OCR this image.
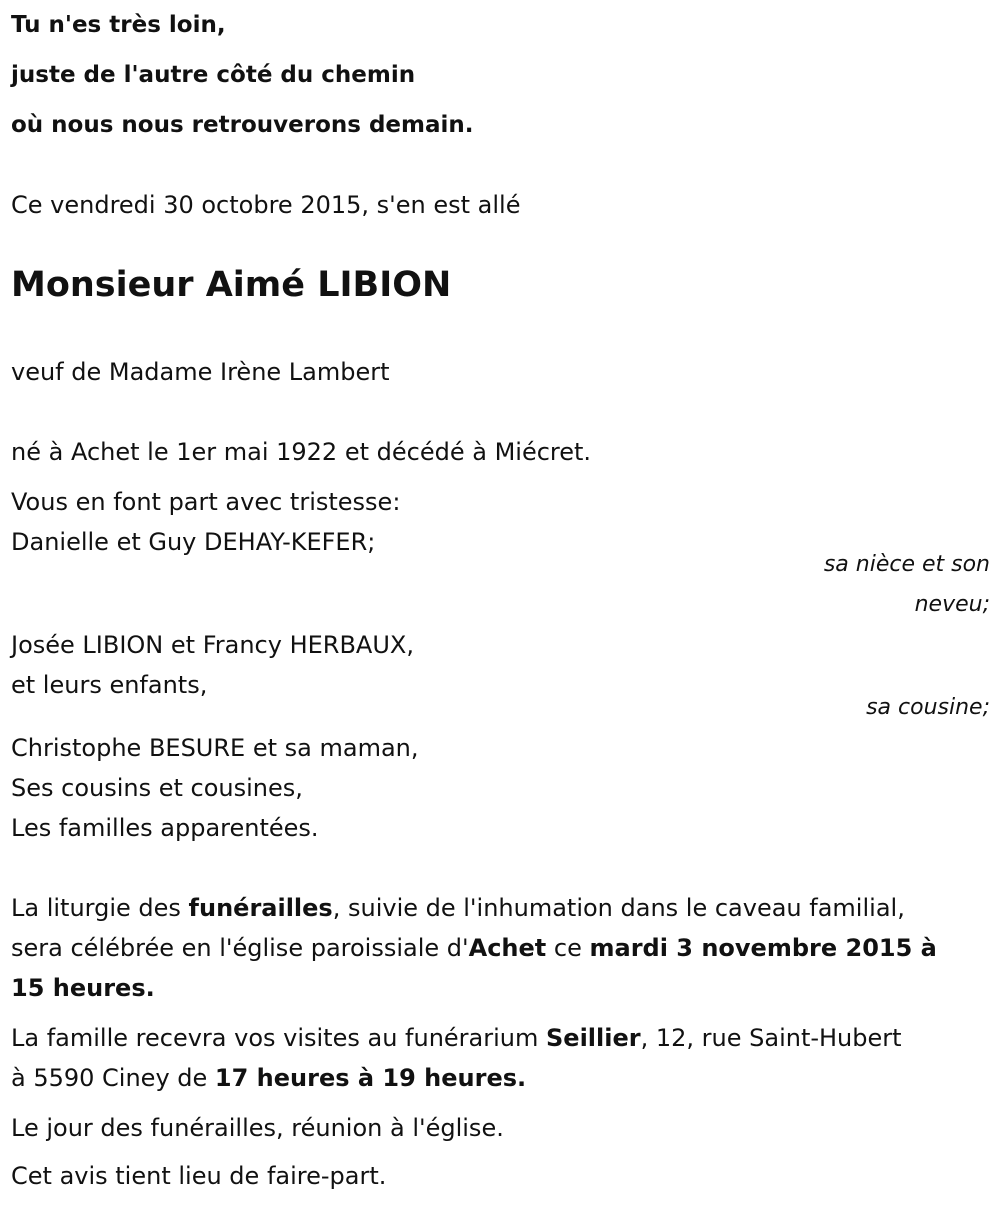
Tu n'es très loin,
juste de l'autre côté du chemin
où nous nous retrouverons demain.
Ce vendredi 30 octobre 2015, s'en est allé
Monsieur Aimé LIBION
veuf de Madame Irène Lambert
né à Achet le 1er mai 1922 et décédé à Miécret.
Vous en font part avec tristesse:
Danielle et Guy DEHAY-KEFER;
sa nièce et son
neveu;
Josée LIBION et Francy HERBAUX,
et leurs enfants,
sa cousine;
Christophe BESURE et sa maman,
Ses cousins et cousines,
Les familles apparentées.
La liturgie des funérailles, suivie de l'inhumation dans le caveau familial,
sera célébrée en l'église paroissiale d'Achet ce mardi 3 novembre 2015 à
15 heures.
La famille recevra vos visites au funérarium Seillier, 12, rue Saint-Hubert
à 5590 Ciney de 17 heures à 19 heures.
Le jour des funérailles, réunion à l'église.
Cet avis tient lieu de faire-part.
